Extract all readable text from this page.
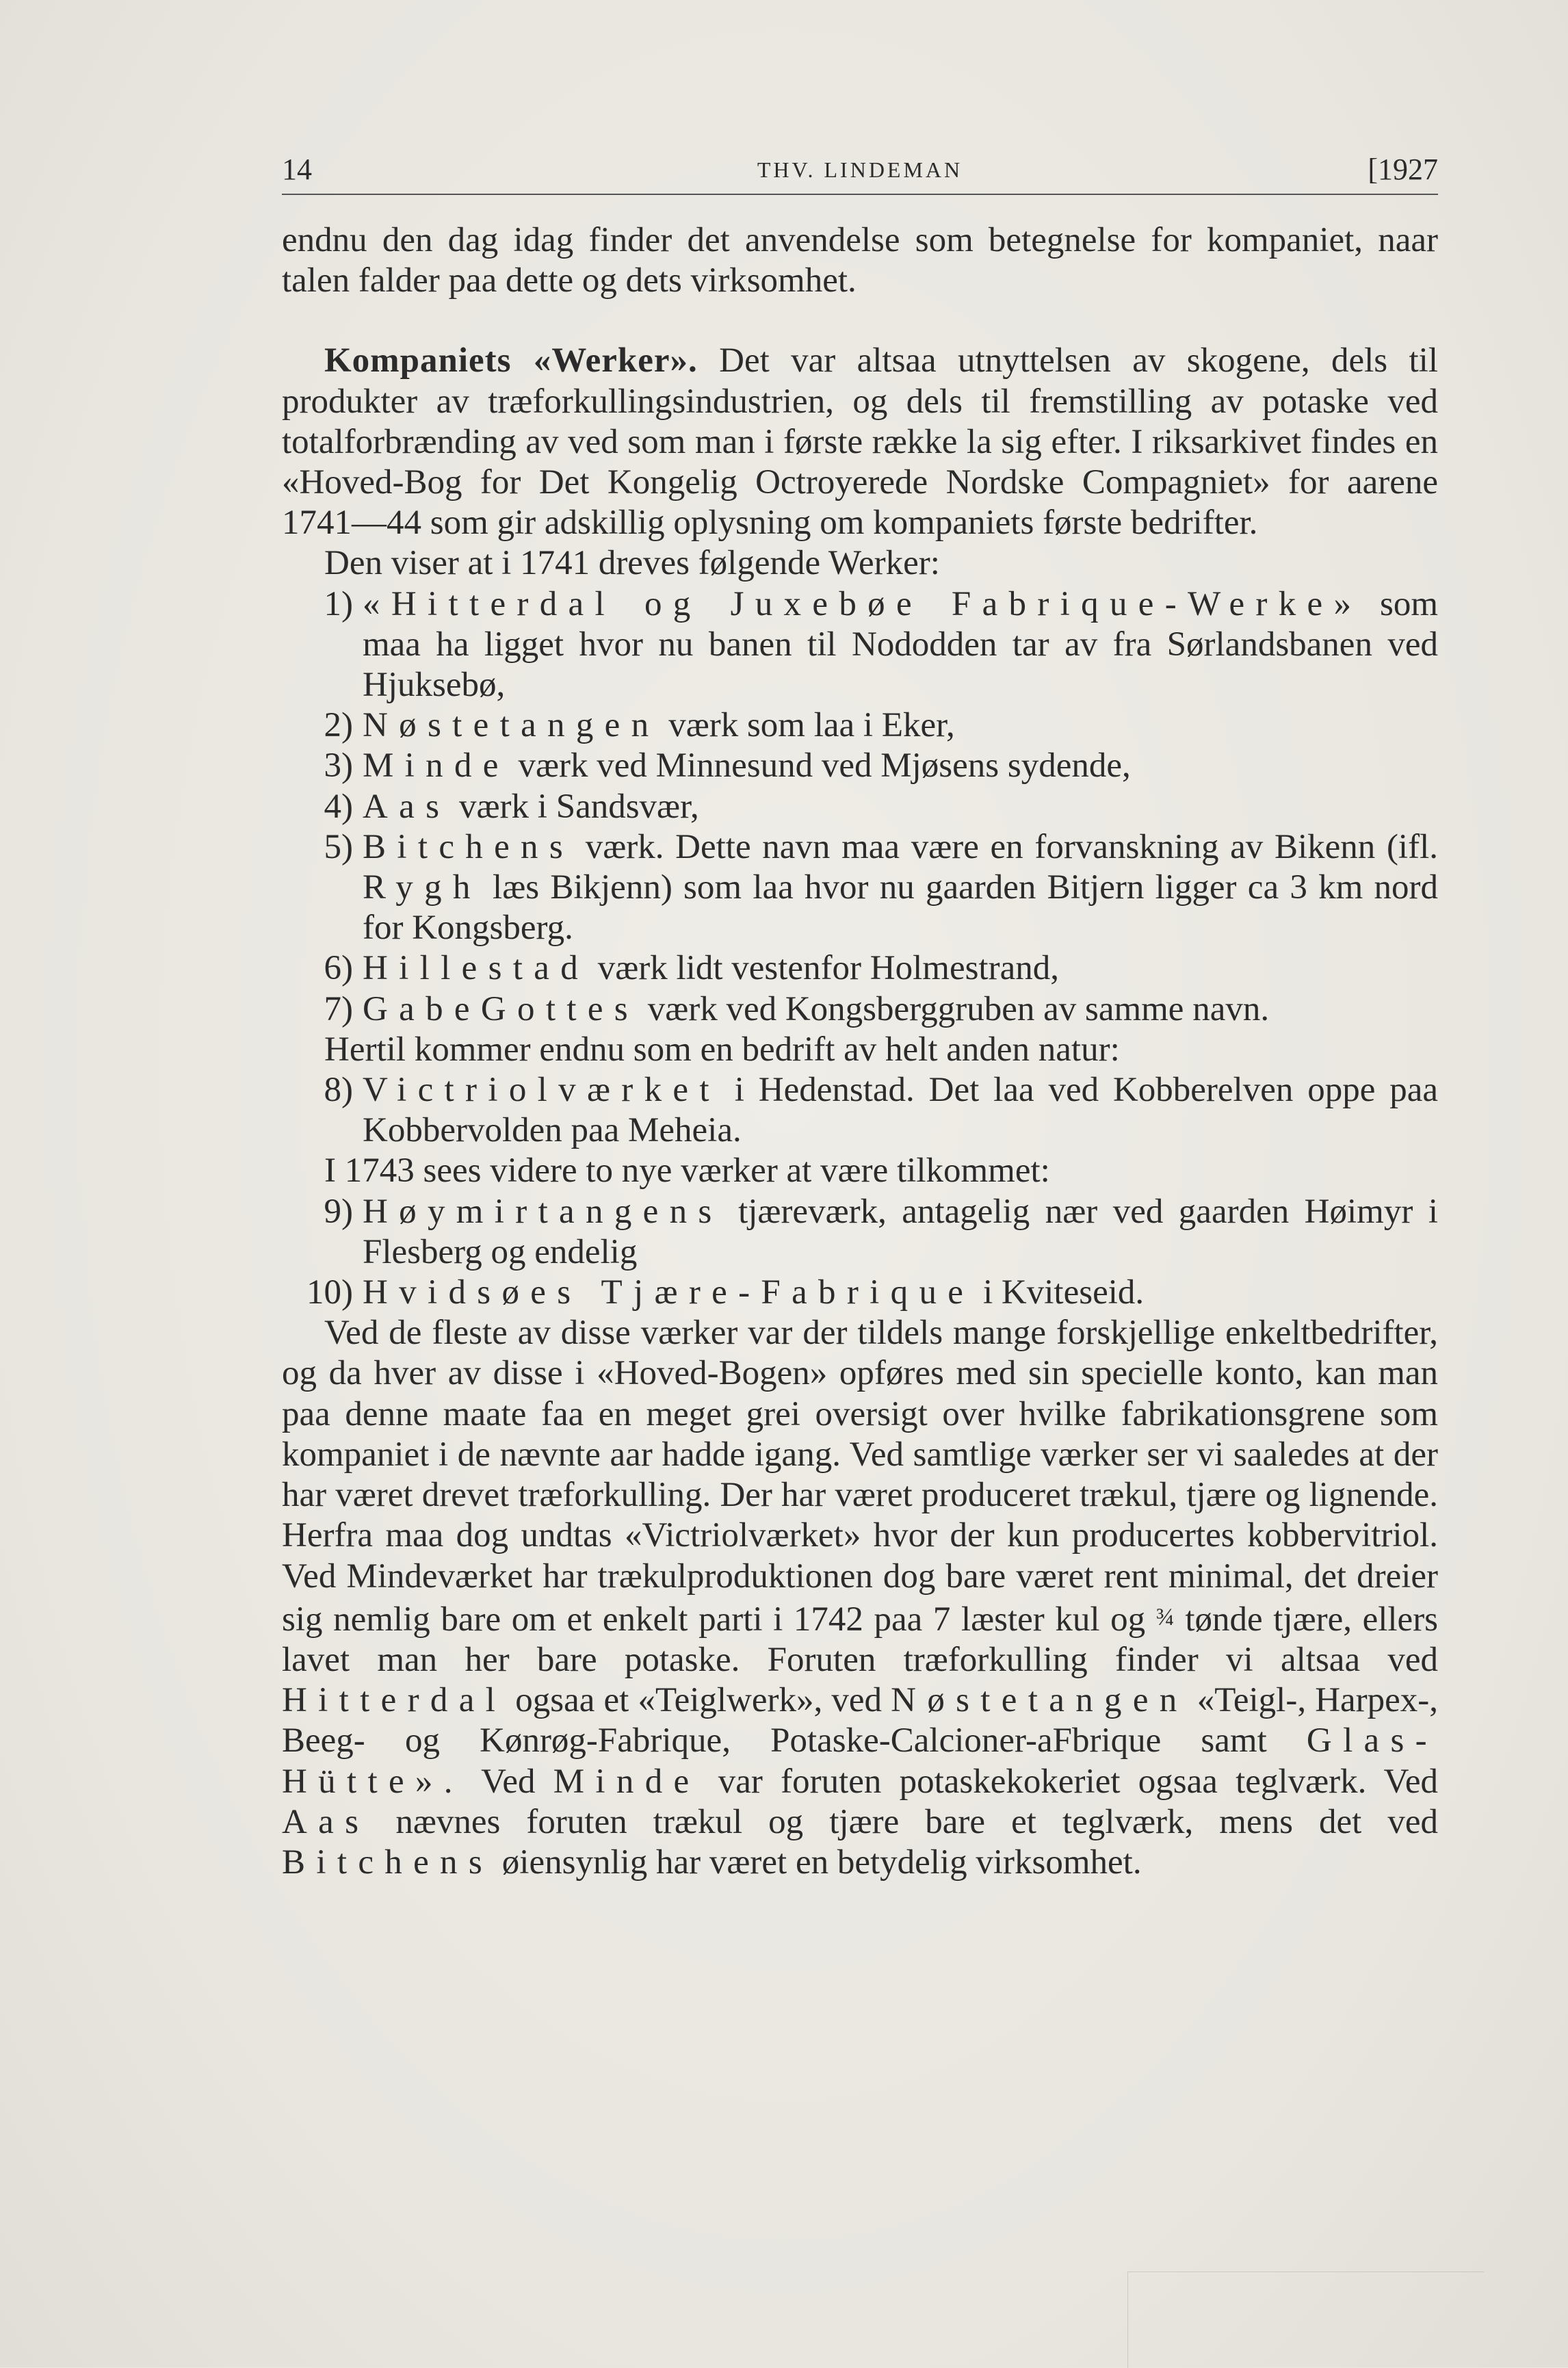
14	THV. LINDEMAN	[1927

endnu den dag idag finder det anvendelse som betegnelse for kompaniet, naar talen falder paa dette og dets virksomhet.

Kompaniets «Werker». Det var altsaa utnyttelsen av skogene, dels til produkter av træforkullingsindustrien, og dels til fremstilling av potaske ved totalforbrænding av ved som man i første række la sig efter. I riksarkivet findes en «Hoved-Bog for Det Kongelig Octroyerede Nordske Compagniet» for aarene 1741—44 som gir adskillig oplysning om kompaniets første bedrifter.

Den viser at i 1741 dreves følgende Werker:

1) «Hitterdal og Juxebøe Fabrique-Werke» som maa ha ligget hvor nu banen til Nododden tar av fra Sørlandsbanen ved Hjuksebø,
2) Nøstetangen værk som laa i Eker,
3) Minde værk ved Minnesund ved Mjøsens sydende,
4) Aas værk i Sandsvær,
5) Bitchens værk. Dette navn maa være en forvanskning av Bikenn (ifl. Rygh læs Bikjenn) som laa hvor nu gaarden Bitjern ligger ca 3 km nord for Kongsberg.
6) Hillestad værk lidt vestenfor Holmestrand,
7) GabeGottes værk ved Kongsberggruben av samme navn.

Hertil kommer endnu som en bedrift av helt anden natur:

8) Victriolværket i Hedenstad. Det laa ved Kobberelven oppe paa Kobbervolden paa Meheia.

I 1743 sees videre to nye værker at være tilkommet:

9) Høymirtangens tjæreværk, antagelig nær ved gaarden Høimyr i Flesberg og endelig
10) Hvidsøes Tjære-Fabrique i Kviteseid.

Ved de fleste av disse værker var der tildels mange forskjellige enkeltbedrifter, og da hver av disse i «Hoved-Bogen» opføres med sin specielle konto, kan man paa denne maate faa en meget grei oversigt over hvilke fabrikationsgrene som kompaniet i de nævnte aar hadde igang. Ved samtlige værker ser vi saaledes at der har været drevet træforkulling. Der har været produceret trækul, tjære og lignende. Herfra maa dog undtas «Victriolværket» hvor der kun producertes kobbervitriol. Ved Mindeværket har trækulproduktionen dog bare været rent minimal, det dreier sig nemlig bare om et enkelt parti i 1742 paa 7 læster kul og ¾ tønde tjære, ellers lavet man her bare potaske. Foruten træforkulling finder vi altsaa ved Hitterdal ogsaa et «Teiglwerk», ved Nøstetangen «Teigl-, Harpex-, Beeg- og Kønrøg-Fabrique, Potaske-Calcioner-aFbrique samt Glas-Hütte». Ved Minde var foruten potaskekokeriet ogsaa teglværk. Ved Aas nævnes foruten trækul og tjære bare et teglværk, mens det ved Bitchens øiensynlig har været en betydelig virksomhet.
